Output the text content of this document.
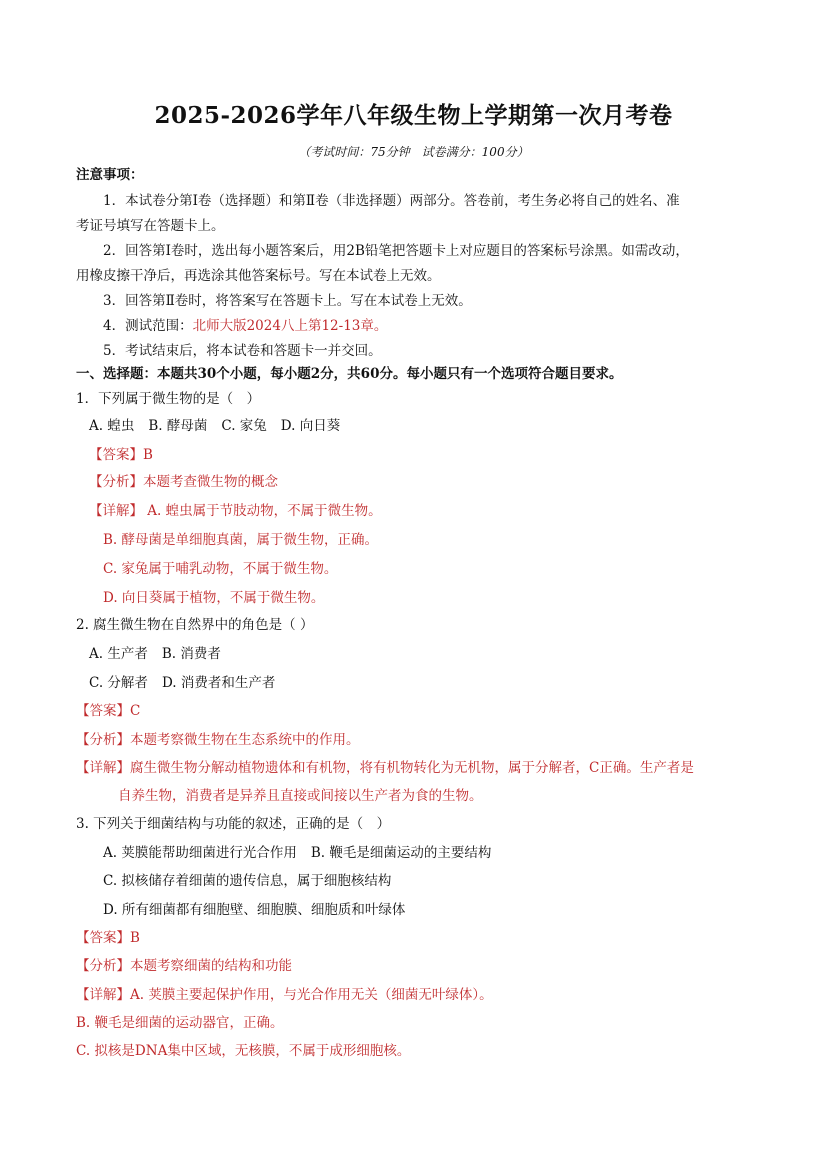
2025-2026学年八年级生物上学期第一次月考卷
（考试时间：75分钟　试卷满分：100分）
注意事项：
1．本试卷分第Ⅰ卷（选择题）和第Ⅱ卷（非选择题）两部分。答卷前，考生务必将自己的姓名、准
考证号填写在答题卡上。
2．回答第Ⅰ卷时，选出每小题答案后，用2B铅笔把答题卡上对应题目的答案标号涂黑。如需改动，
用橡皮擦干净后，再选涂其他答案标号。写在本试卷上无效。
3．回答第Ⅱ卷时，将答案写在答题卡上。写在本试卷上无效。
4．测试范围：北师大版2024八上第12-13章。
5．考试结束后，将本试卷和答题卡一并交回。
一、选择题：本题共30个小题，每小题2分，共60分。每小题只有一个选项符合题目要求。
1．下列属于微生物的是（　）
A. 蝗虫 B. 酵母菌 C. 家兔 D. 向日葵
【答案】B
【分析】本题考查微生物的概念
【详解】 A. 蝗虫属于节肢动物，不属于微生物。
B. 酵母菌是单细胞真菌，属于微生物，正确。
C. 家兔属于哺乳动物，不属于微生物。
D. 向日葵属于植物，不属于微生物。
2. 腐生微生物在自然界中的角色是（ ）
A. 生产者 B. 消费者
C. 分解者 D. 消费者和生产者
【答案】C
【分析】本题考察微生物在生态系统中的作用。
【详解】腐生微生物分解动植物遗体和有机物，将有机物转化为无机物，属于分解者，C正确。生产者是
自养生物，消费者是异养且直接或间接以生产者为食的生物。
3. 下列关于细菌结构与功能的叙述，正确的是（　）
A. 荚膜能帮助细菌进行光合作用 B. 鞭毛是细菌运动的主要结构
C. 拟核储存着细菌的遗传信息，属于细胞核结构
D. 所有细菌都有细胞壁、细胞膜、细胞质和叶绿体
【答案】B
【分析】本题考察细菌的结构和功能
【详解】A. 荚膜主要起保护作用，与光合作用无关（细菌无叶绿体）。
B. 鞭毛是细菌的运动器官，正确。
C. 拟核是DNA集中区域，无核膜，不属于成形细胞核。
